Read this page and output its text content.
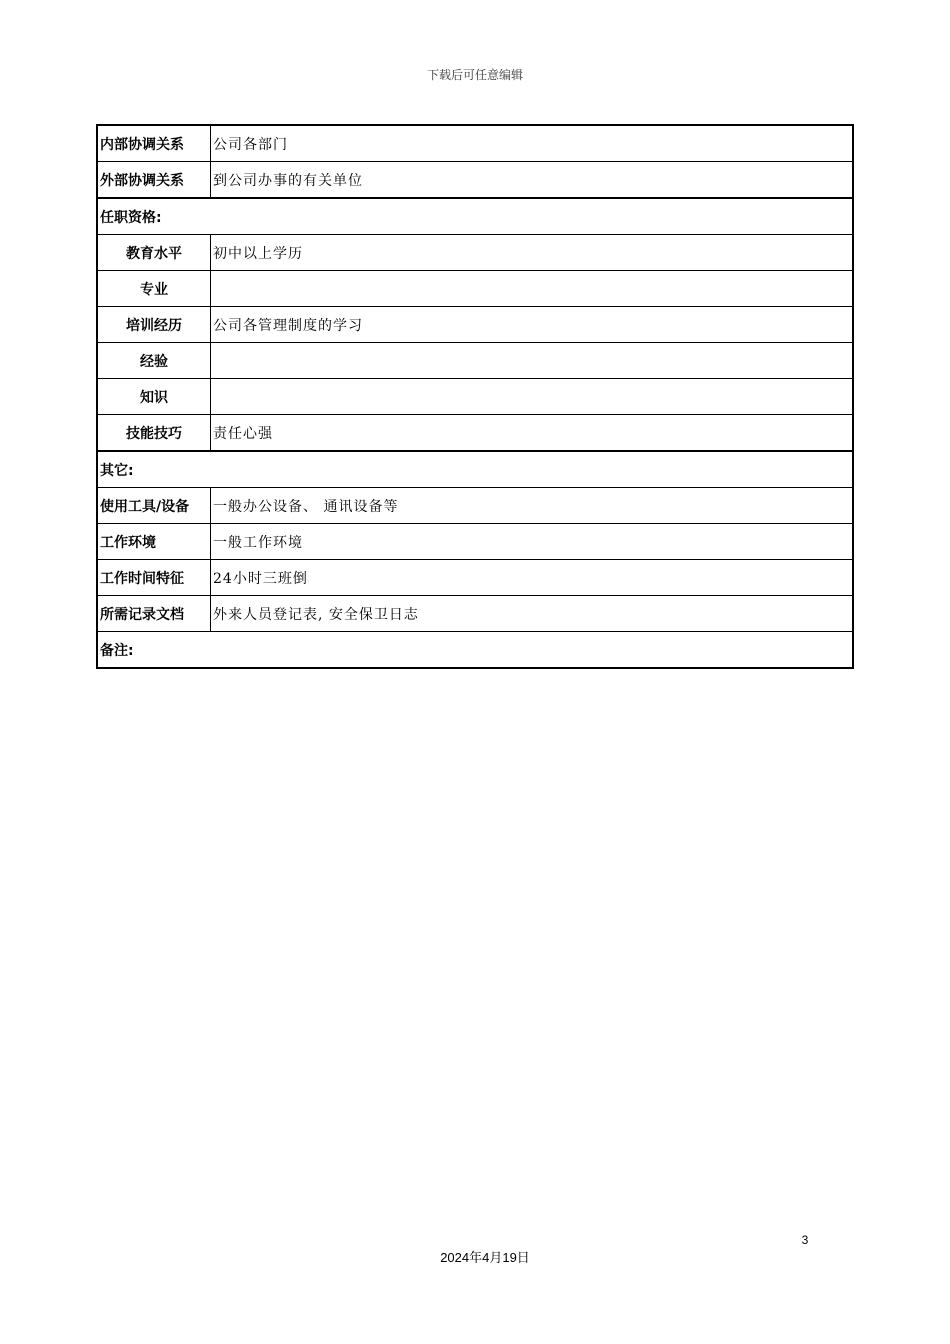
下载后可任意编辑
内部协调关系	公司各部门
外部协调关系	到公司办事的有关单位
任职资格:	
教育水平	初中以上学历
专业	
培训经历	公司各管理制度的学习
经验	
知识	
技能技巧	责任心强
其它:	
使用工具/设备	一般办公设备、 通讯设备等
工作环境	一般工作环境
工作时间特征	24小时三班倒
所需记录文档	外来人员登记表, 安全保卫日志
备注:	
3
2024年4月19日
